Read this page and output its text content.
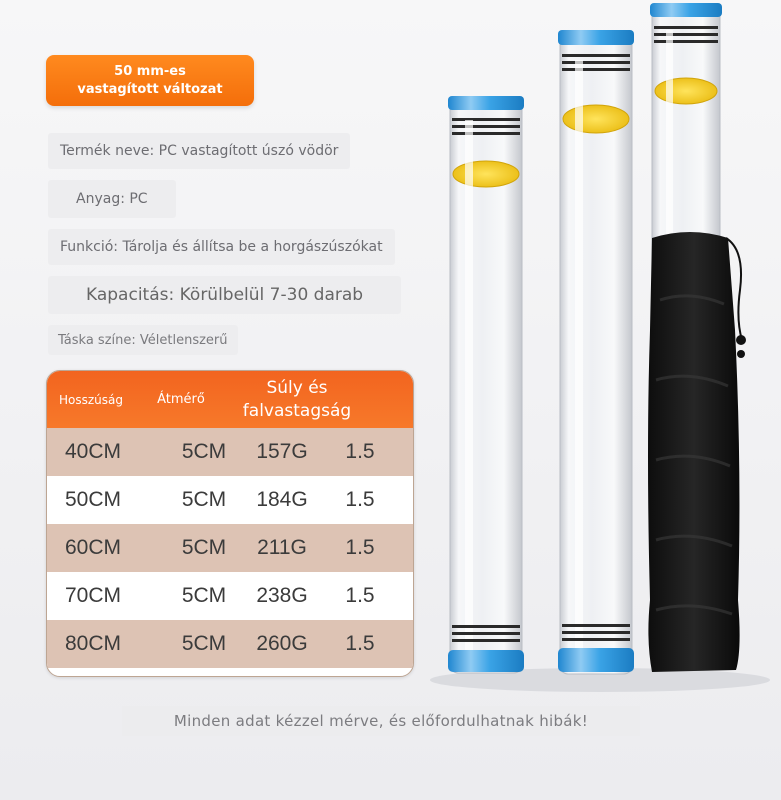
50 mm-es
vastagított változat
Termék neve: PC vastagított úszó vödör
Anyag: PC
Funkció: Tárolja és állítsa be a horgászúszókat
Kapacitás: Körülbelül 7-30 darab
Táska színe: Véletlenszerű
Hosszúság	Átmérő
Súly és
falvastagság
40CM	5CM	157G	1.5
50CM	5CM	184G	1.5
60CM	5CM	211G	1.5
70CM	5CM	238G	1.5
80CM	5CM	260G	1.5
Minden adat kézzel mérve, és előfordulhatnak hibák!
